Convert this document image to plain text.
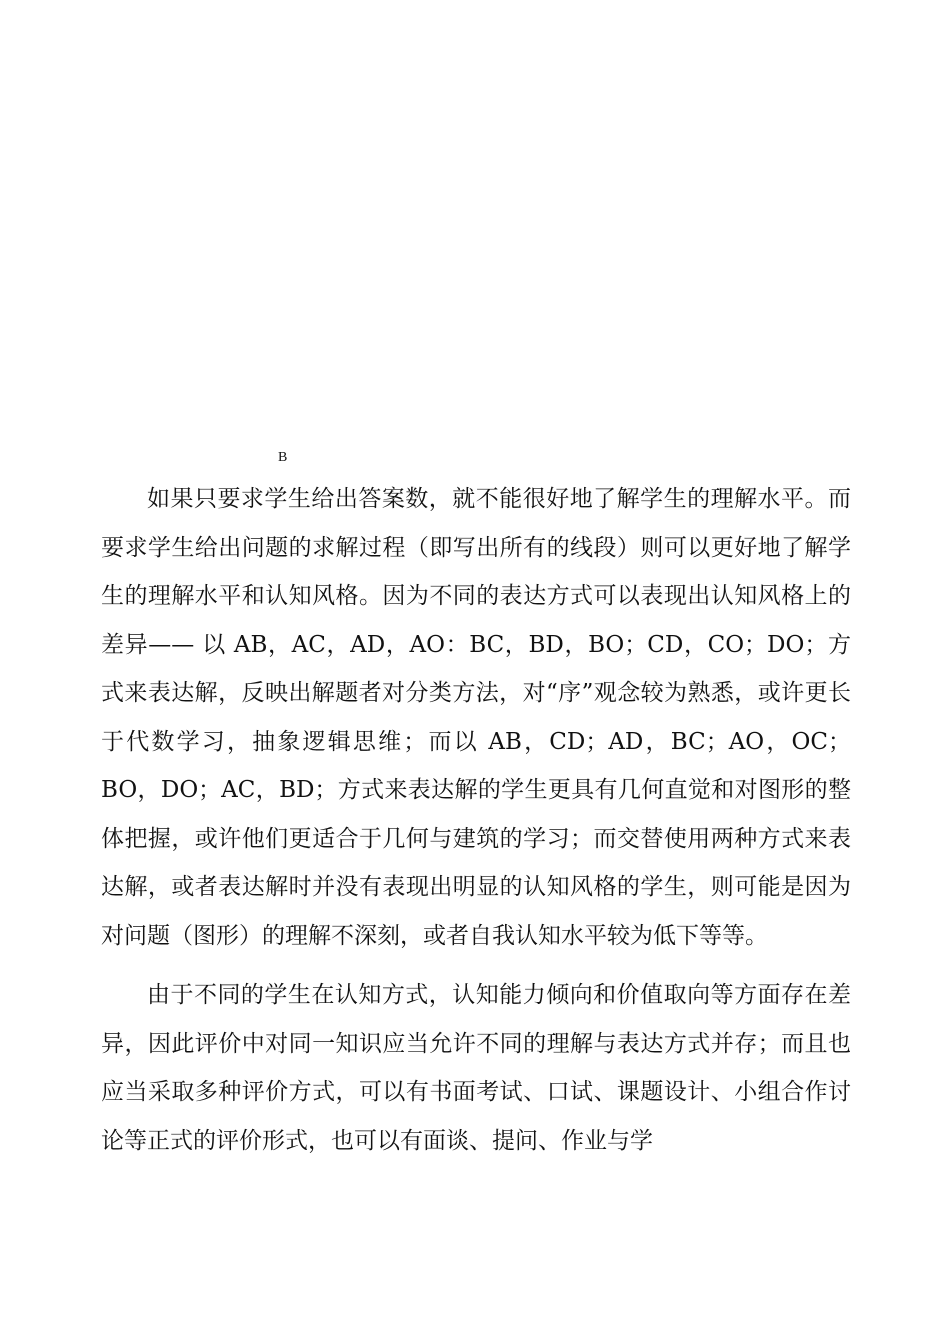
B

如果只要求学生给出答案数，就不能很好地了解学生的理解水平。而要求学生给出问题的求解过程（即写出所有的线段）则可以更好地了解学生的理解水平和认知风格。因为不同的表达方式可以表现出认知风格上的差异—— 以 AB，AC，AD，AO：BC，BD，BO；CD，CO；DO；方式来表达解，反映出解题者对分类方法，对“序”观念较为熟悉，或许更长于代数学习，抽象逻辑思维；而以 AB，CD；AD，BC；AO，OC；BO，DO；AC，BD；方式来表达解的学生更具有几何直觉和对图形的整体把握，或许他们更适合于几何与建筑的学习；而交替使用两种方式来表达解，或者表达解时并没有表现出明显的认知风格的学生，则可能是因为对问题（图形）的理解不深刻，或者自我认知水平较为低下等等。

由于不同的学生在认知方式，认知能力倾向和价值取向等方面存在差异，因此评价中对同一知识应当允许不同的理解与表达方式并存；而且也应当采取多种评价方式，可以有书面考试、口试、课题设计、小组合作讨论等正式的评价形式，也可以有面谈、提问、作业与学
